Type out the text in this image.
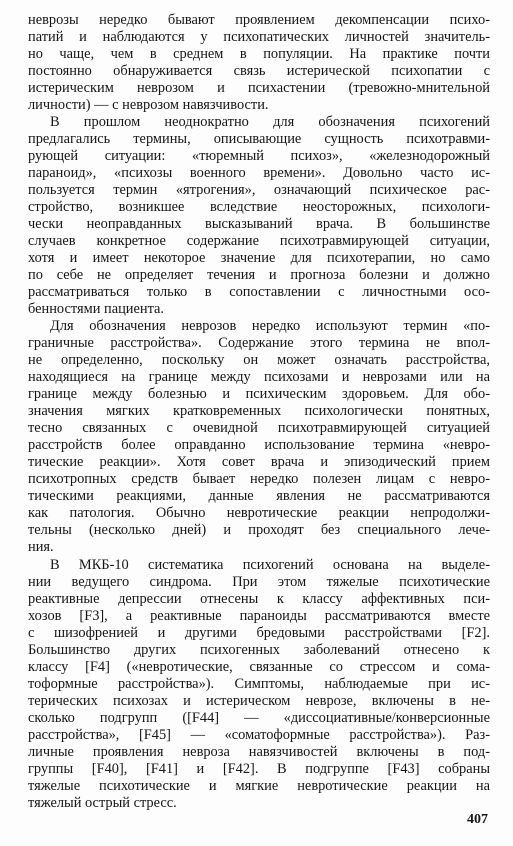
неврозы нередко бывают проявлением декомпенсации психо-
патий и наблюдаются у психопатических личностей значитель-
но чаще, чем в среднем в популяции. На практике почти
постоянно обнаруживается связь истерической психопатии с
истерическим неврозом и психастении (тревожно-мнительной
личности) — с неврозом навязчивости.
В прошлом неоднократно для обозначения психогений
предлагались термины, описывающие сущность психотравми-
рующей ситуации: «тюремный психоз», «железнодорожный
параноид», «психозы военного времени». Довольно часто ис-
пользуется термин «ятрогения», означающий психическое рас-
стройство, возникшее вследствие неосторожных, психологи-
чески неоправданных высказываний врача. В большинстве
случаев конкретное содержание психотравмирующей ситуации,
хотя и имеет некоторое значение для психотерапии, но само
по себе не определяет течения и прогноза болезни и должно
рассматриваться только в сопоставлении с личностными осо-
бенностями пациента.
Для обозначения неврозов нередко используют термин «по-
граничные расстройства». Содержание этого термина не впол-
не определенно, поскольку он может означать расстройства,
находящиеся на границе между психозами и неврозами или на
границе между болезнью и психическим здоровьем. Для обо-
значения мягких кратковременных психологически понятных,
тесно связанных с очевидной психотравмирующей ситуацией
расстройств более оправданно использование термина «невро-
тические реакции». Хотя совет врача и эпизодический прием
психотропных средств бывает нередко полезен лицам с невро-
тическими реакциями, данные явления не рассматриваются
как патология. Обычно невротические реакции непродолжи-
тельны (несколько дней) и проходят без специального лече-
ния.
В МКБ-10 систематика психогений основана на выделе-
нии ведущего синдрома. При этом тяжелые психотические
реактивные депрессии отнесены к классу аффективных пси-
хозов [F3], а реактивные параноиды рассматриваются вместе
с шизофренией и другими бредовыми расстройствами [F2].
Большинство других психогенных заболеваний отнесено к
классу [F4] («невротические, связанные со стрессом и сома-
тоформные расстройства»). Симптомы, наблюдаемые при ис-
терических психозах и истерическом неврозе, включены в не-
сколько подгрупп ([F44] — «диссоциативные/конверсионные
расстройства», [F45] — «соматоформные расстройства»). Раз-
личные проявления невроза навязчивостей включены в под-
группы [F40], [F41] и [F42]. В подгруппе [F43] собраны
тяжелые психотические и мягкие невротические реакции на
тяжелый острый стресс.
407
